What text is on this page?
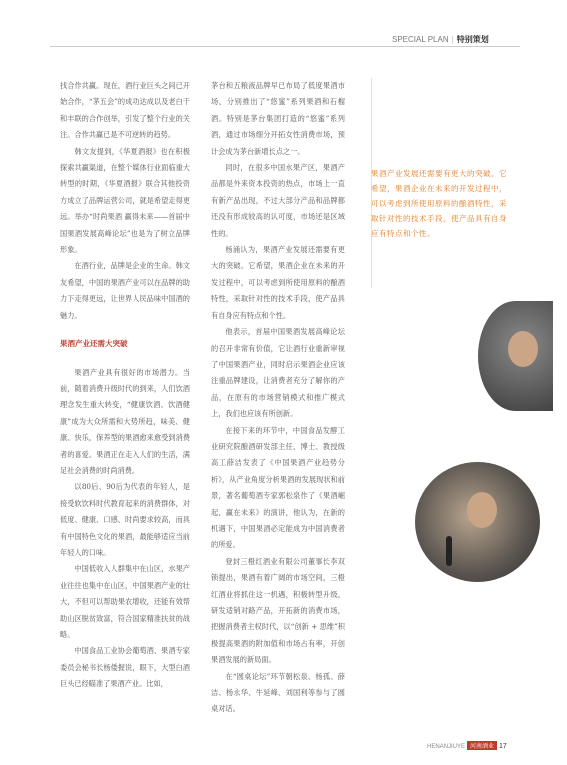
SPECIAL PLAN | 特别策划

找合作共赢。现在，酒行业巨头之间已开始合作，“茅五会”的成功达成以及老白干和丰联的合作创举，引发了整个行业的关注。合作共赢已是不可逆转的趋势。

韩文友提到，《华夏酒报》也在积极探索共赢渠道，在整个媒体行业面临重大转型的时期，《华夏酒报》联合其他投资方成立了品牌运营公司，就是希望走得更远。举办“时尚果酒 赢得未来——首届中国果酒发展高峰论坛”也是为了树立品牌形象。

在酒行业，品牌是企业的生命。韩文友希望，中国的果酒产业可以在品牌的助力下走得更远，让世界人民品味中国酒的魅力。

果酒产业还需大突破

果酒产业具有很好的市场潜力。当前，随着消费升级时代的到来，人们饮酒理念发生重大转变，“健康饮酒、饮酒健康”成为大众所需和大势所趋，味美、健康、快乐，保养型的果酒愈来愈受到消费者的喜爱。果酒正在走入人们的生活，满足社会消费的时尚消费。

以80后、90后为代表的年轻人，是接受软饮料时代教育起来的消费群体，对低度、健康、口感、时尚要求较高，而具有中国特色文化的果酒，最能够适应当前年轻人的口味。

中国低收入人群集中在山区，水果产业往往也集中在山区，中国果酒产业的壮大，不但可以帮助果农增收，还能有效帮助山区脱贫致富，符合国家精准扶贫的战略。

中国食品工业协会葡萄酒、果酒专家委员会秘书长杨倭握说，眼下，大型白酒巨头已经瞄准了果酒产业。比如，

茅台和五粮液品牌早已布局了低度果酒市场，分别推出了“悠蜜”系列果酒和石榴酒。特别是茅台集团打造的“悠蜜”系列酒，通过市场细分开拓女性消费市场，预计会成为茅台新增长点之一。

同时，在很多中国水果产区，果酒产品都是外来资本投资的热点，市场上一直有新产品出现，不过大部分产品和品牌都还没有形成较高的认可度，市场还是区域性的。

杨涌认为，果酒产业发展还需要有更大的突破。它希望，果酒企业在未来的开发过程中，可以考虑到所使用原料的酿酒特性，采取针对性的技术手段，使产品具有自身应有特点和个性。

他表示，首届中国果酒发展高峰论坛的召开非常有价值，它让酒行业重新审视了中国果酒产业，同时启示果酒企业应该注重品牌建设，让消费者充分了解你的产品，在原有的市场营销模式和推广模式上，我们也应该有所创新。

在接下来的环节中，中国食品发酵工业研究院酿酒研发部主任、博士、教授级高工薛洁发表了《中国果酒产业趋势分析》，从产业角度分析果酒的发展现状和前景，著名葡萄酒专家郭松泉作了《果酒崛起，赢在未来》的演讲，他认为，在新的机遇下，中国果酒必定能成为中国消费者的所爱。

登封三橙红酒业有限公司董事长李双锁提出，果酒有着广阔的市场空间，三橙红酒业将抓住这一机遇，积极转型升级，研发适销对路产品，开拓新的消费市场，把握消费者主权时代，以“创新 + 思维”积极提高果酒的附加值和市场占有率，开创果酒发展的新局面。

在“圆桌论坛”环节朝松泉、杨孤、薛洁、杨永华、牛延峰、刘国利等参与了圆桌对话。

果酒产业发展还需要有更大的突破。它希望，果酒企业在未来的开发过程中，可以考虑到所使用原料的酿酒特性，采取针对性的技术手段，使产品具有自身应有特点和个性。
HENANJIUYE 河南酒业 17
